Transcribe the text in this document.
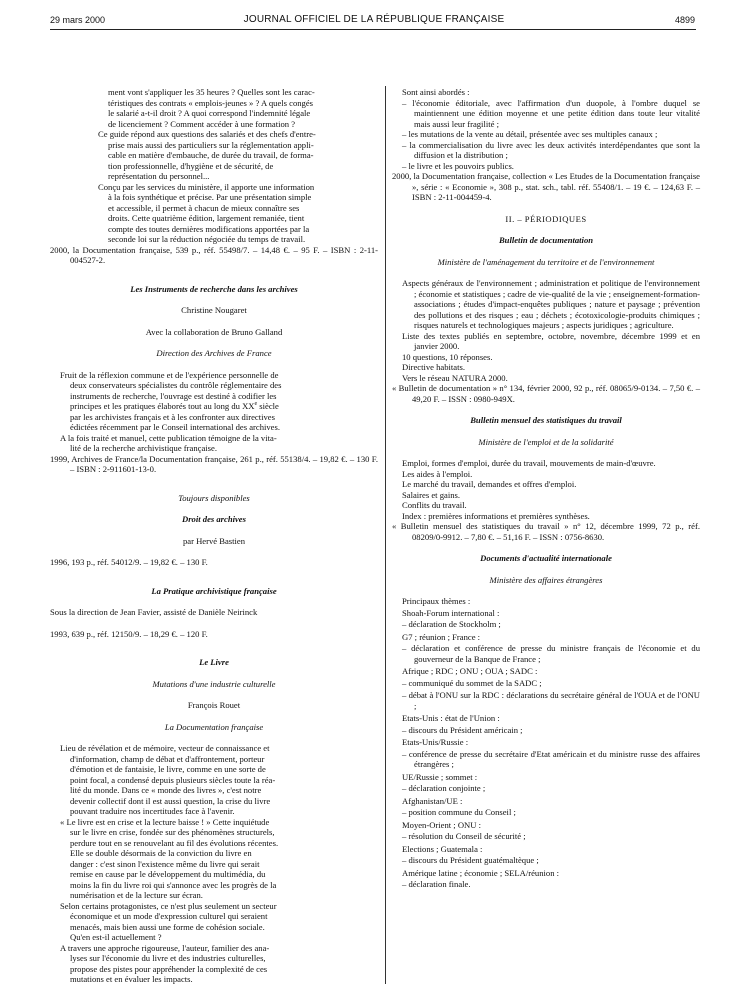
29 mars 2000	JOURNAL OFFICIEL DE LA RÉPUBLIQUE FRANÇAISE	4899

ment vont s'appliquer les 35 heures ? Quelles sont les carac-

téristiques des contrats « emplois-jeunes » ? A quels congés

le salarié a-t-il droit ? A quoi correspond l'indemnité légale

de licenciement ? Comment accéder à une formation ?

Ce guide répond aux questions des salariés et des chefs d'entre-

prise mais aussi des particuliers sur la réglementation appli-

cable en matière d'embauche, de durée du travail, de forma-

tion professionnelle, d'hygiène et de sécurité, de

représentation du personnel...

Conçu par les services du ministère, il apporte une information

à la fois synthétique et précise. Par une présentation simple

et accessible, il permet à chacun de mieux connaître ses

droits. Cette quatrième édition, largement remaniée, tient

compte des toutes dernières modifications apportées par la

seconde loi sur la réduction négociée du temps de travail.

2000, la Documentation française, 539 p., réf. 55498/7. – 14,48 €. – 95 F. – ISBN : 2-11-004527-2.

Les Instruments de recherche dans les archives

Christine Nougaret

Avec la collaboration de Bruno Galland

Direction des Archives de France

Fruit de la réflexion commune et de l'expérience personnelle de

deux conservateurs spécialistes du contrôle réglementaire des

instruments de recherche, l'ouvrage est destiné à codifier les

principes et les pratiques élaborés tout au long du XXe siècle

par les archivistes français et à les confronter aux directives

édictées récemment par le Conseil international des archives.

A la fois traité et manuel, cette publication témoigne de la vita-

lité de la recherche archivistique française.

1999, Archives de France/la Documentation française, 261 p., réf. 55138/4. – 19,82 €. – 130 F. – ISBN : 2-911601-13-0.

Toujours disponibles

Droit des archives

par Hervé Bastien

1996, 193 p., réf. 54012/9. – 19,82 €. – 130 F.

La Pratique archivistique française

Sous la direction de Jean Favier, assisté de Danièle Neirinck

1993, 639 p., réf. 12150/9. – 18,29 €. – 120 F.

Le Livre

Mutations d'une industrie culturelle

François Rouet

La Documentation française

Lieu de révélation et de mémoire, vecteur de connaissance et

d'information, champ de débat et d'affrontement, porteur

d'émotion et de fantaisie, le livre, comme en une sorte de

point focal, a condensé depuis plusieurs siècles toute la réa-

lité du monde. Dans ce « monde des livres », c'est notre

devenir collectif dont il est aussi question, la crise du livre

pouvant traduire nos incertitudes face à l'avenir.

« Le livre est en crise et la lecture baisse ! » Cette inquiétude

sur le livre en crise, fondée sur des phénomènes structurels,

perdure tout en se renouvelant au fil des évolutions récentes.

Elle se double désormais de la conviction du livre en

danger : c'est sinon l'existence même du livre qui serait

remise en cause par le développement du multimédia, du

moins la fin du livre roi qui s'annonce avec les progrès de la

numérisation et de la lecture sur écran.

Selon certains protagonistes, ce n'est plus seulement un secteur

économique et un mode d'expression culturel qui seraient

menacés, mais bien aussi une forme de cohésion sociale.

Qu'en est-il actuellement ?

A travers une approche rigoureuse, l'auteur, familier des ana-

lyses sur l'économie du livre et des industries culturelles,

propose des pistes pour appréhender la complexité de ces

mutations et en évaluer les impacts.

Sont ainsi abordés :

– l'économie éditoriale, avec l'affirmation d'un duopole, à l'ombre duquel se maintiennent une édition moyenne et une petite édition dans toute leur vitalité mais aussi leur fragilité ;

– les mutations de la vente au détail, présentée avec ses multiples canaux ;

– la commercialisation du livre avec les deux activités interdépendantes que sont la diffusion et la distribution ;

– le livre et les pouvoirs publics.

2000, la Documentation française, collection « Les Etudes de la Documentation française », série : « Economie », 308 p., stat. sch., tabl. réf. 55408/1. – 19 €. – 124,63 F. – ISBN : 2-11-004459-4.

II. – PÉRIODIQUES

Bulletin de documentation

Ministère de l'aménagement du territoire et de l'environnement

Aspects généraux de l'environnement ; administration et politique de l'environnement ; économie et statistiques ; cadre de vie-qualité de la vie ; enseignement-formation-associations ; études d'impact-enquêtes publiques ; nature et paysage ; prévention des pollutions et des risques ; eau ; déchets ; écotoxicologie-produits chimiques ; risques naturels et technologiques majeurs ; aspects juridiques ; agriculture.

Liste des textes publiés en septembre, octobre, novembre, décembre 1999 et en janvier 2000.

10 questions, 10 réponses.

Directive habitats.

Vers le réseau NATURA 2000.

« Bulletin de documentation » n° 134, février 2000, 92 p., réf. 08065/9-0134. – 7,50 €. – 49,20 F. – ISSN : 0980-949X.

Bulletin mensuel des statistiques du travail

Ministère de l'emploi et de la solidarité

Emploi, formes d'emploi, durée du travail, mouvements de main-d'œuvre.

Les aides à l'emploi.

Le marché du travail, demandes et offres d'emploi.

Salaires et gains.

Conflits du travail.

Index : premières informations et premières synthèses.

« Bulletin mensuel des statistiques du travail » n° 12, décembre 1999, 72 p., réf. 08209/0-9912. – 7,80 €. – 51,16 F. – ISSN : 0756-8630.

Documents d'actualité internationale

Ministère des affaires étrangères

Principaux thèmes :

Shoah-Forum international :

– déclaration de Stockholm ;

G7 ; réunion ; France :

– déclaration et conférence de presse du ministre français de l'économie et du gouverneur de la Banque de France ;

Afrique ; RDC ; ONU ; OUA ; SADC :

– communiqué du sommet de la SADC ;

– débat à l'ONU sur la RDC : déclarations du secrétaire général de l'OUA et de l'ONU ;

Etats-Unis : état de l'Union :

– discours du Président américain ;

Etats-Unis/Russie :

– conférence de presse du secrétaire d'Etat américain et du ministre russe des affaires étrangères ;

UE/Russie ; sommet :

– déclaration conjointe ;

Afghanistan/UE :

– position commune du Conseil ;

Moyen-Orient ; ONU :

– résolution du Conseil de sécurité ;

Elections ; Guatemala :

– discours du Président guatémaltèque ;

Amérique latine ; économie ; SELA/réunion :

– déclaration finale.
